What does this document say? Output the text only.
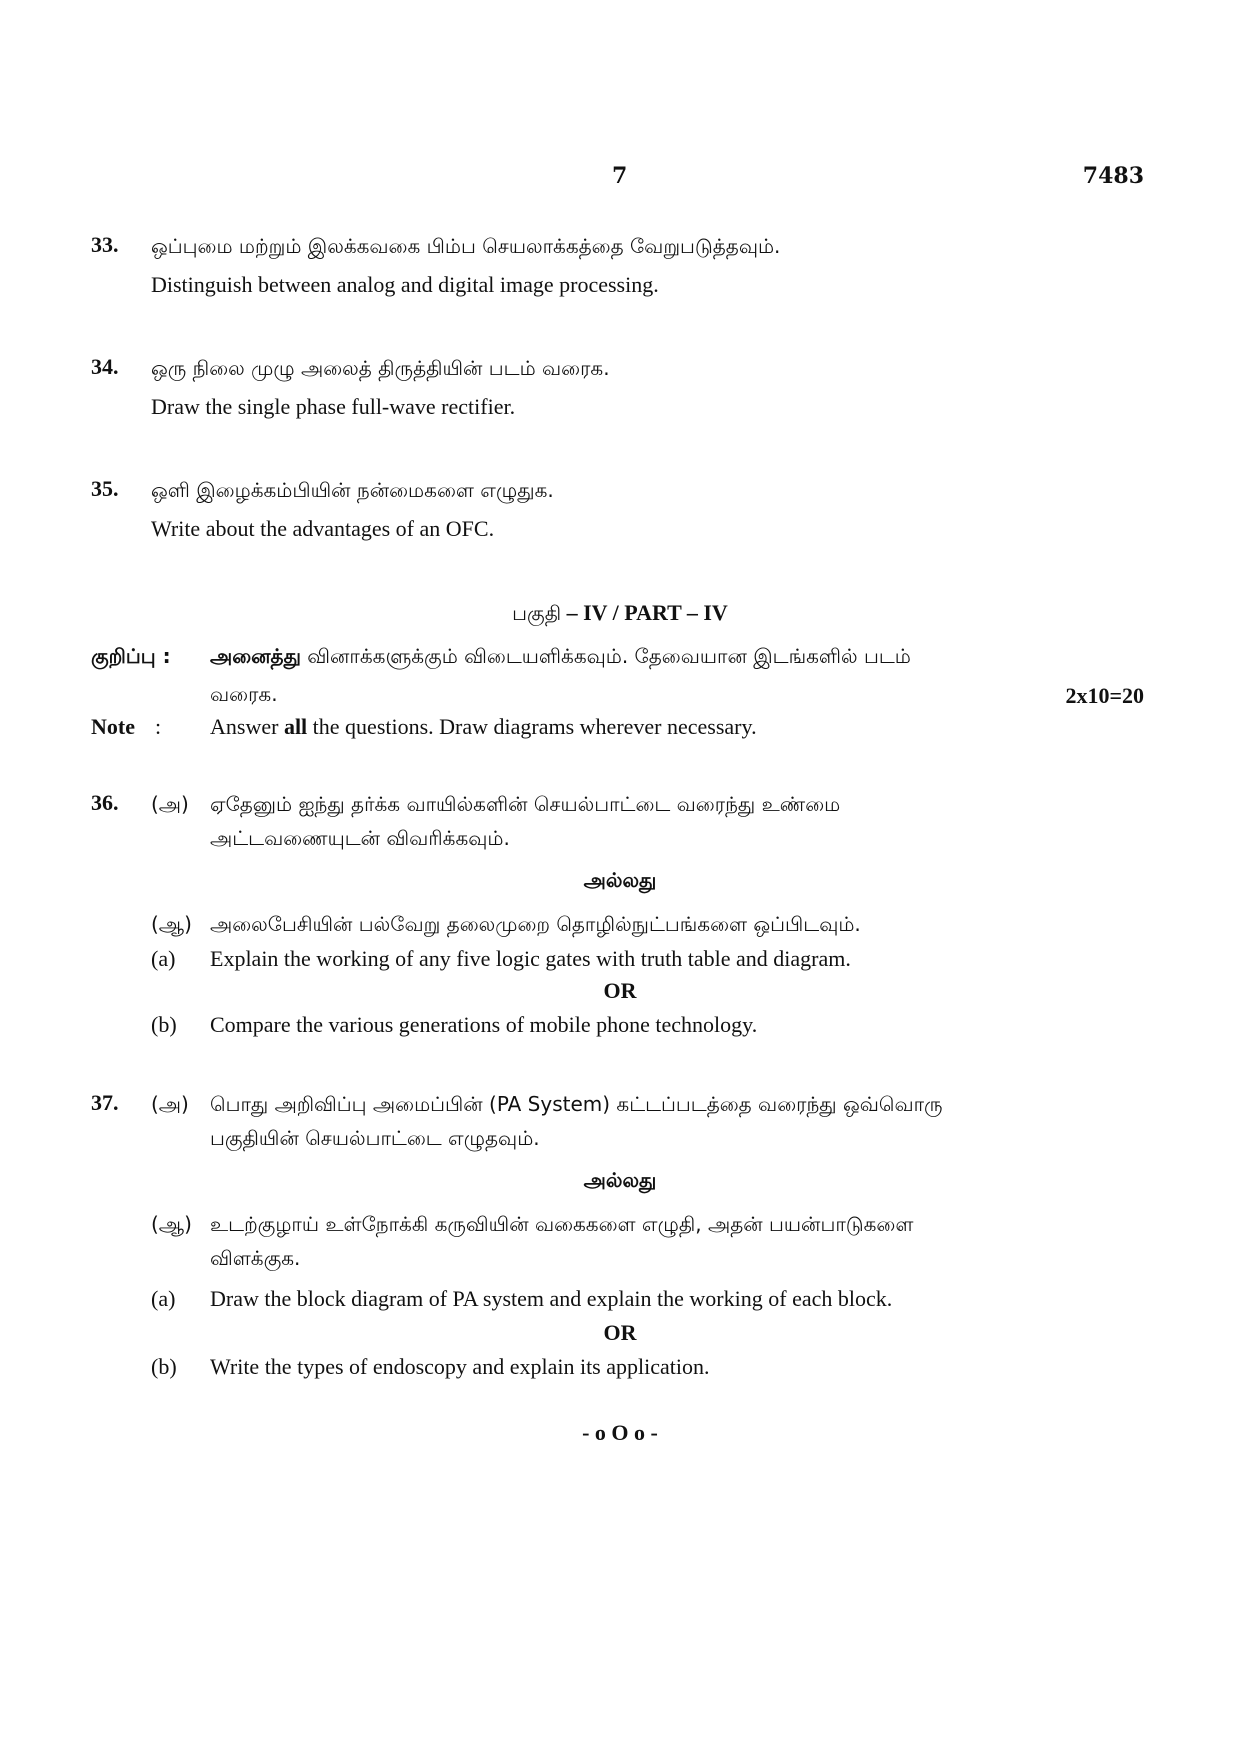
7	7483
33. ஒப்புமை மற்றும் இலக்கவகை பிம்ப செயலாக்கத்தை வேறுபடுத்தவும்.
Distinguish between analog and digital image processing.
34. ஒரு நிலை முழு அலைத் திருத்தியின் படம் வரைக.
Draw the single phase full-wave rectifier.
35. ஒளி இழைக்கம்பியின் நன்மைகளை எழுதுக.
Write about the advantages of an OFC.
பகுதி – IV / PART – IV
குறிப்பு : அனைத்து வினாக்களுக்கும் விடையளிக்கவும். தேவையான இடங்களில் படம்
வரைக.	2x10=20
Note : Answer all the questions. Draw diagrams wherever necessary.
36. (அ) ஏதேனும் ஐந்து தர்க்க வாயில்களின் செயல்பாட்டை வரைந்து உண்மை
அட்டவணையுடன் விவரிக்கவும்.
அல்லது
(ஆ) அலைபேசியின் பல்வேறு தலைமுறை தொழில்நுட்பங்களை ஒப்பிடவும்.
(a) Explain the working of any five logic gates with truth table and diagram.
OR
(b) Compare the various generations of mobile phone technology.
37. (அ) பொது அறிவிப்பு அமைப்பின் (PA System) கட்டப்படத்தை வரைந்து ஒவ்வொரு
பகுதியின் செயல்பாட்டை எழுதவும்.
அல்லது
(ஆ) உடற்குழாய் உள்நோக்கி கருவியின் வகைகளை எழுதி, அதன் பயன்பாடுகளை
விளக்குக.
(a) Draw the block diagram of PA system and explain the working of each block.
OR
(b) Write the types of endoscopy and explain its application.
- o O o -
